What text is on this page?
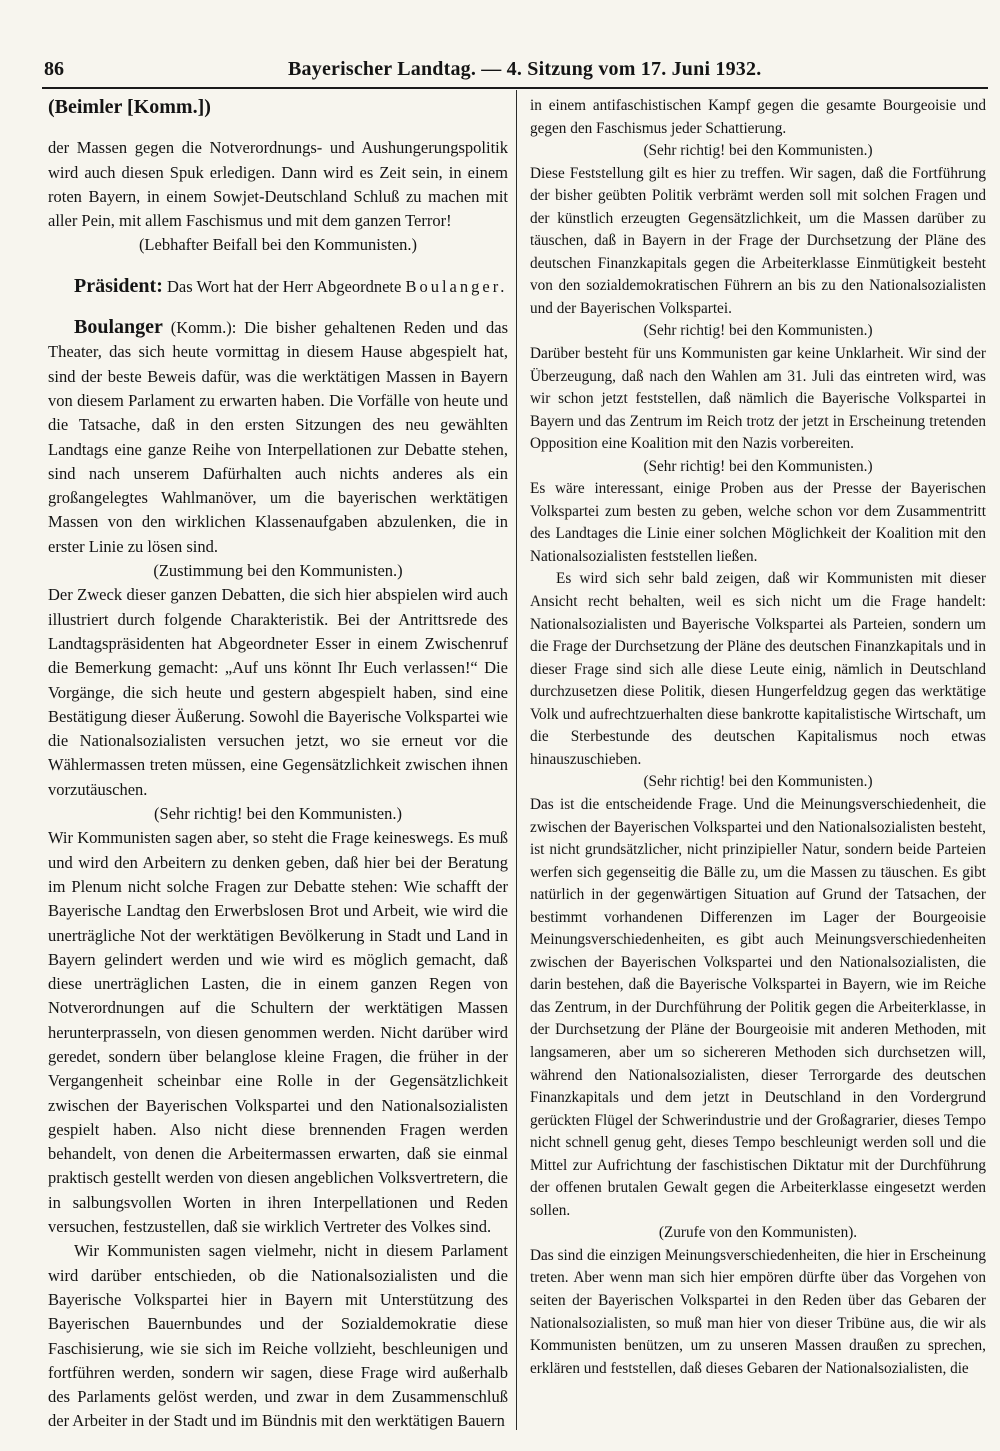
86	Bayerischer Landtag. — 4. Sitzung vom 17. Juni 1932.

(Beimler [Komm.])

der Massen gegen die Notverordnungs- und Aushungerungspolitik wird auch diesen Spuk erledigen. Dann wird es Zeit sein, in einem roten Bayern, in einem Sowjet-Deutschland Schluß zu machen mit aller Pein, mit allem Faschismus und mit dem ganzen Terror!

(Lebhafter Beifall bei den Kommunisten.)

Präsident: Das Wort hat der Herr Abgeordnete Boulanger.

Boulanger (Komm.): Die bisher gehaltenen Reden und das Theater, das sich heute vormittag in diesem Hause abgespielt hat, sind der beste Beweis dafür, was die werktätigen Massen in Bayern von diesem Parlament zu erwarten haben. Die Vorfälle von heute und die Tatsache, daß in den ersten Sitzungen des neu gewählten Landtags eine ganze Reihe von Interpellationen zur Debatte stehen, sind nach unserem Dafürhalten auch nichts anderes als ein großangelegtes Wahlmanöver, um die bayerischen werktätigen Massen von den wirklichen Klassenaufgaben abzulenken, die in erster Linie zu lösen sind.

(Zustimmung bei den Kommunisten.)

Der Zweck dieser ganzen Debatten, die sich hier abspielen wird auch illustriert durch folgende Charakteristik. Bei der Antrittsrede des Landtagspräsidenten hat Abgeordneter Esser in einem Zwischenruf die Bemerkung gemacht: „Auf uns könnt Ihr Euch verlassen!“ Die Vorgänge, die sich heute und gestern abgespielt haben, sind eine Bestätigung dieser Äußerung. Sowohl die Bayerische Volkspartei wie die Nationalsozialisten versuchen jetzt, wo sie erneut vor die Wählermassen treten müssen, eine Gegensätzlichkeit zwischen ihnen vorzutäuschen.

(Sehr richtig! bei den Kommunisten.)

Wir Kommunisten sagen aber, so steht die Frage keineswegs. Es muß und wird den Arbeitern zu denken geben, daß hier bei der Beratung im Plenum nicht solche Fragen zur Debatte stehen: Wie schafft der Bayerische Landtag den Erwerbslosen Brot und Arbeit, wie wird die unerträgliche Not der werktätigen Bevölkerung in Stadt und Land in Bayern gelindert werden und wie wird es möglich gemacht, daß diese unerträglichen Lasten, die in einem ganzen Regen von Notverordnungen auf die Schultern der werktätigen Massen herunterprasseln, von diesen genommen werden. Nicht darüber wird geredet, sondern über belanglose kleine Fragen, die früher in der Vergangenheit scheinbar eine Rolle in der Gegensätzlichkeit zwischen der Bayerischen Volkspartei und den Nationalsozialisten gespielt haben. Also nicht diese brennenden Fragen werden behandelt, von denen die Arbeitermassen erwarten, daß sie einmal praktisch gestellt werden von diesen angeblichen Volksvertretern, die in salbungsvollen Worten in ihren Interpellationen und Reden versuchen, festzustellen, daß sie wirklich Vertreter des Volkes sind.

Wir Kommunisten sagen vielmehr, nicht in diesem Parlament wird darüber entschieden, ob die Nationalsozialisten und die Bayerische Volkspartei hier in Bayern mit Unterstützung des Bayerischen Bauernbundes und der Sozialdemokratie diese Faschisierung, wie sie sich im Reiche vollzieht, beschleunigen und fortführen werden, sondern wir sagen, diese Frage wird außerhalb des Parlaments gelöst werden, und zwar in dem Zusammenschluß der Arbeiter in der Stadt und im Bündnis mit den werktätigen Bauern

in einem antifaschistischen Kampf gegen die gesamte Bourgeoisie und gegen den Faschismus jeder Schattierung.

(Sehr richtig! bei den Kommunisten.)

Diese Feststellung gilt es hier zu treffen. Wir sagen, daß die Fortführung der bisher geübten Politik verbrämt werden soll mit solchen Fragen und der künstlich erzeugten Gegensätzlichkeit, um die Massen darüber zu täuschen, daß in Bayern in der Frage der Durchsetzung der Pläne des deutschen Finanzkapitals gegen die Arbeiterklasse Einmütigkeit besteht von den sozialdemokratischen Führern an bis zu den Nationalsozialisten und der Bayerischen Volkspartei.

(Sehr richtig! bei den Kommunisten.)

Darüber besteht für uns Kommunisten gar keine Unklarheit. Wir sind der Überzeugung, daß nach den Wahlen am 31. Juli das eintreten wird, was wir schon jetzt feststellen, daß nämlich die Bayerische Volkspartei in Bayern und das Zentrum im Reich trotz der jetzt in Erscheinung tretenden Opposition eine Koalition mit den Nazis vorbereiten.

(Sehr richtig! bei den Kommunisten.)

Es wäre interessant, einige Proben aus der Presse der Bayerischen Volkspartei zum besten zu geben, welche schon vor dem Zusammentritt des Landtages die Linie einer solchen Möglichkeit der Koalition mit den Nationalsozialisten feststellen ließen.

Es wird sich sehr bald zeigen, daß wir Kommunisten mit dieser Ansicht recht behalten, weil es sich nicht um die Frage handelt: Nationalsozialisten und Bayerische Volkspartei als Parteien, sondern um die Frage der Durchsetzung der Pläne des deutschen Finanzkapitals und in dieser Frage sind sich alle diese Leute einig, nämlich in Deutschland durchzusetzen diese Politik, diesen Hungerfeldzug gegen das werktätige Volk und aufrechtzuerhalten diese bankrotte kapitalistische Wirtschaft, um die Sterbestunde des deutschen Kapitalismus noch etwas hinauszuschieben.

(Sehr richtig! bei den Kommunisten.)

Das ist die entscheidende Frage. Und die Meinungsverschiedenheit, die zwischen der Bayerischen Volkspartei und den Nationalsozialisten besteht, ist nicht grundsätzlicher, nicht prinzipieller Natur, sondern beide Parteien werfen sich gegenseitig die Bälle zu, um die Massen zu täuschen. Es gibt natürlich in der gegenwärtigen Situation auf Grund der Tatsachen, der bestimmt vorhandenen Differenzen im Lager der Bourgeoisie Meinungsverschiedenheiten, es gibt auch Meinungsverschiedenheiten zwischen der Bayerischen Volkspartei und den Nationalsozialisten, die darin bestehen, daß die Bayerische Volkspartei in Bayern, wie im Reiche das Zentrum, in der Durchführung der Politik gegen die Arbeiterklasse, in der Durchsetzung der Pläne der Bourgeoisie mit anderen Methoden, mit langsameren, aber um so sichereren Methoden sich durchsetzen will, während den Nationalsozialisten, dieser Terrorgarde des deutschen Finanzkapitals und dem jetzt in Deutschland in den Vordergrund gerückten Flügel der Schwerindustrie und der Großagrarier, dieses Tempo nicht schnell genug geht, dieses Tempo beschleunigt werden soll und die Mittel zur Aufrichtung der faschistischen Diktatur mit der Durchführung der offenen brutalen Gewalt gegen die Arbeiterklasse eingesetzt werden sollen.

(Zurufe von den Kommunisten).

Das sind die einzigen Meinungsverschiedenheiten, die hier in Erscheinung treten. Aber wenn man sich hier empören dürfte über das Vorgehen von seiten der Bayerischen Volkspartei in den Reden über das Gebaren der Nationalsozialisten, so muß man hier von dieser Tribüne aus, die wir als Kommunisten benützen, um zu unseren Massen draußen zu sprechen, erklären und feststellen, daß dieses Gebaren der Nationalsozialisten, die
